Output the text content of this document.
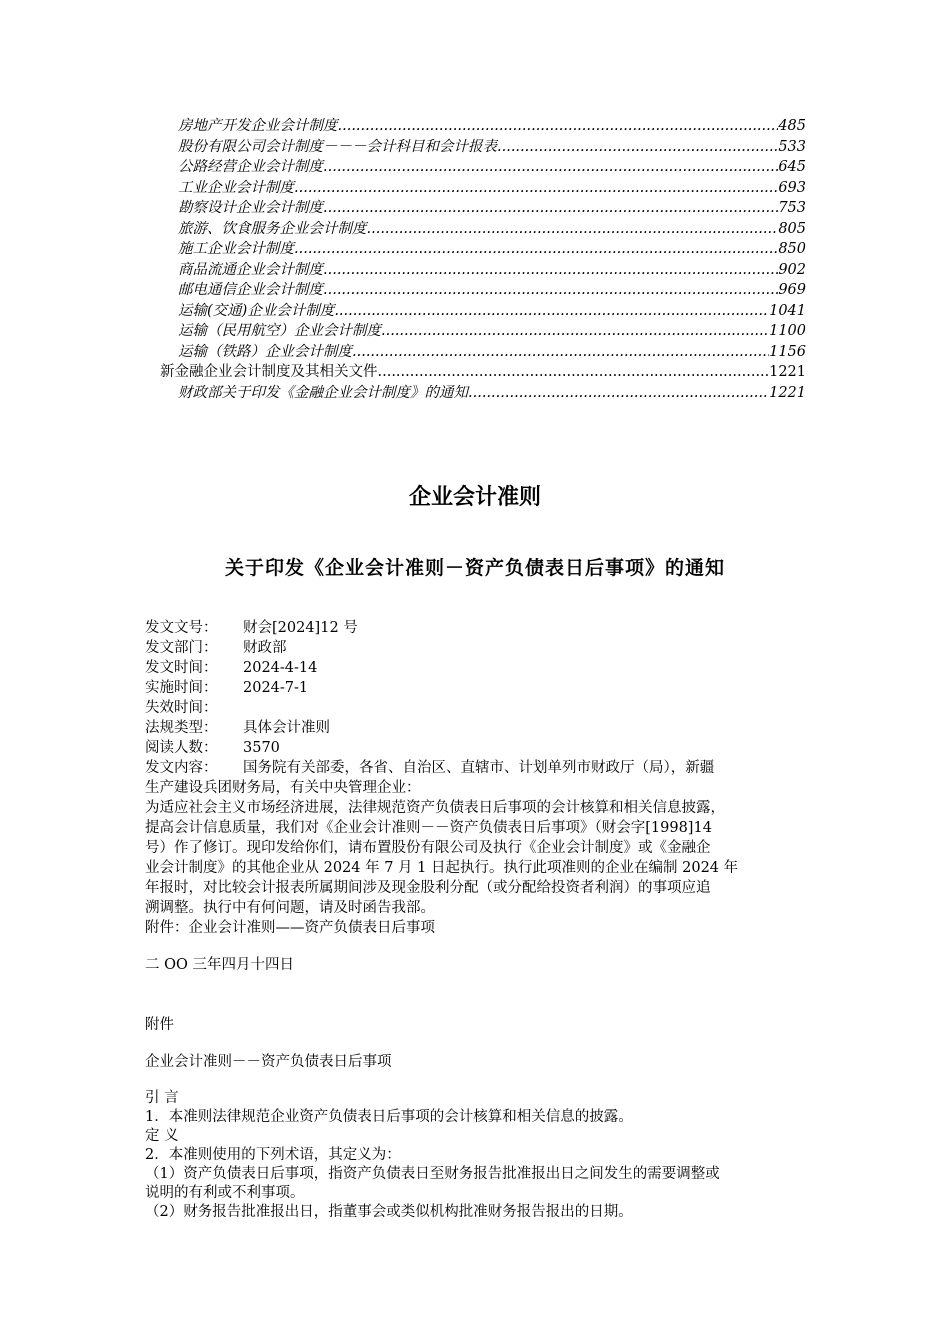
房地产开发企业会计制度 .....	485
股份有限公司会计制度－－－会计科目和会计报表 .....	533
公路经营企业会计制度 .....	645
工业企业会计制度 .....	693
勘察设计企业会计制度 .....	753
旅游、饮食服务企业会计制度 .....	805
施工企业会计制度 .....	850
商品流通企业会计制度 .....	902
邮电通信企业会计制度 .....	969
运输(交通)企业会计制度 .....	1041
运输（民用航空）企业会计制度 .....	1100
运输（铁路）企业会计制度 .....	1156
新金融企业会计制度及其相关文件 .....	1221
财政部关于印发《金融企业会计制度》的通知 .....	1221
企业会计准则
关于印发《企业会计准则－资产负债表日后事项》的通知
发文文号：	财会[2024]12 号
发文部门：	财政部
发文时间：	2024-4-14
实施时间：	2024-7-1
失效时间：
法规类型：	具体会计准则
阅读人数：	3570

发文内容： 国务院有关部委，各省、自治区、直辖市、计划单列市财政厅（局），新疆

生产建设兵团财务局，有关中央管理企业：

为适应社会主义市场经济进展，法律规范资产负债表日后事项的会计核算和相关信息披露，

提高会计信息质量，我们对《企业会计准则－－资产负债表日后事项》（财会字[1998]14

号）作了修订。现印发给你们，请布置股份有限公司及执行《企业会计制度》或《金融企

业会计制度》的其他企业从 2024 年 7 月 1 日起执行。执行此项准则的企业在编制 2024 年

年报时，对比较会计报表所属期间涉及现金股利分配（或分配给投资者利润）的事项应追

溯调整。执行中有何问题，请及时函告我部。

附件：企业会计准则——资产负债表日后事项

二 OO 三年四月十四日
附件
企业会计准则－－资产负债表日后事项

引 言

1．本准则法律规范企业资产负债表日后事项的会计核算和相关信息的披露。

定 义

2．本准则使用的下列术语，其定义为：

（1）资产负债表日后事项，指资产负债表日至财务报告批准报出日之间发生的需要调整或

说明的有利或不利事项。

（2）财务报告批准报出日，指董事会或类似机构批准财务报告报出的日期。
